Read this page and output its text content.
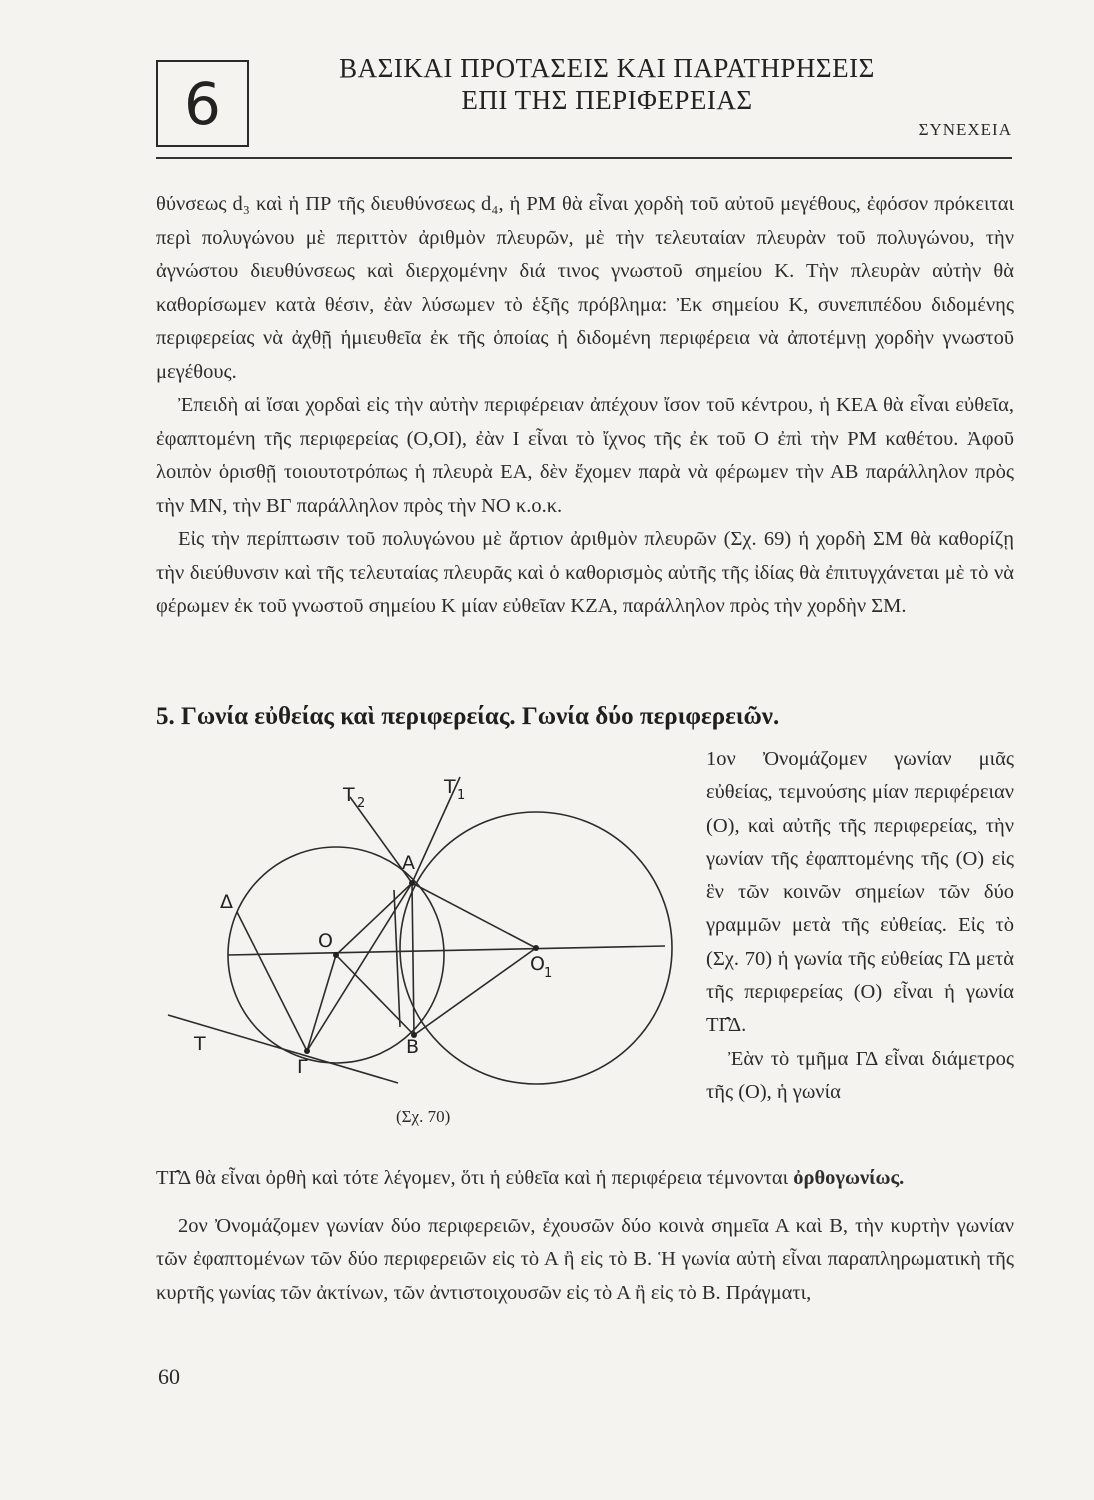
6
ΒΑΣΙΚΑΙ ΠΡΟΤΑΣΕΙΣ ΚΑΙ ΠΑΡΑΤΗΡΗΣΕΙΣ
ΕΠΙ ΤΗΣ ΠΕΡΙΦΕΡΕΙΑΣ
ΣΥΝΕΧΕΙΑ

θύνσεως d₃ καὶ ἡ ΠΡ τῆς διευθύνσεως d₄, ἡ ΡΜ θὰ εἶναι χορδὴ τοῦ αὐτοῦ μεγέθους, ἐφόσον πρόκειται περὶ πολυγώνου μὲ περιττὸν ἀριθμὸν πλευρῶν, μὲ τὴν τελευταίαν πλευρὰν τοῦ πολυγώνου, τὴν ἀγνώστου διευθύνσεως καὶ διερχομένην διά τινος γνωστοῦ σημείου Κ. Τὴν πλευρὰν αὐτὴν θὰ καθορίσωμεν κατὰ θέσιν, ἐὰν λύσωμεν τὸ ἑξῆς πρόβλημα: Ἐκ σημείου Κ, συνεπιπέδου διδομένης περιφερείας νὰ ἀχθῇ ἡμιευθεῖα ἐκ τῆς ὁποίας ἡ διδομένη περιφέρεια νὰ ἀποτέμνῃ χορδὴν γνωστοῦ μεγέθους.

Ἐπειδὴ αἱ ἴσαι χορδαὶ εἰς τὴν αὐτὴν περιφέρειαν ἀπέχουν ἴσον τοῦ κέντρου, ἡ ΚΕΑ θὰ εἶναι εὐθεῖα, ἐφαπτομένη τῆς περιφερείας (Ο,ΟΙ), ἐὰν Ι εἶναι τὸ ἴχνος τῆς ἐκ τοῦ Ο ἐπὶ τὴν ΡΜ καθέτου. Ἀφοῦ λοιπὸν ὁρισθῇ τοιουτοτρόπως ἡ πλευρὰ ΕΑ, δὲν ἔχομεν παρὰ νὰ φέρωμεν τὴν ΑΒ παράλληλον πρὸς τὴν ΜΝ, τὴν ΒΓ παράλληλον πρὸς τὴν ΝΟ κ.ο.κ.

Εἰς τὴν περίπτωσιν τοῦ πολυγώνου μὲ ἄρτιον ἀριθμὸν πλευρῶν (Σχ. 69) ἡ χορδὴ ΣΜ θὰ καθορίζῃ τὴν διεύθυνσιν καὶ τῆς τελευταίας πλευρᾶς καὶ ὁ καθορισμὸς αὐτῆς τῆς ἰδίας θὰ ἐπιτυγχάνεται μὲ τὸ νὰ φέρωμεν ἐκ τοῦ γνωστοῦ σημείου Κ μίαν εὐθεῖαν ΚΖΑ, παράλληλον πρὸς τὴν χορδὴν ΣΜ.

5. Γωνία εὐθείας καὶ περιφερείας. Γωνία δύο περιφερειῶν.
T 2
T 1
A
Δ
O
O 1
T	B
Γ

1ον Ὀνομάζομεν γωνίαν μιᾶς εὐθείας, τεμνούσης μίαν περιφέρειαν (Ο), καὶ αὐτῆς τῆς περιφερείας, τὴν γωνίαν τῆς ἐφαπτομένης τῆς (Ο) εἰς ἓν τῶν κοινῶν σημείων τῶν δύο γραμμῶν μετὰ τῆς εὐθείας. Εἰς τὸ (Σχ. 70) ἡ γωνία τῆς εὐθείας ΓΔ μετὰ τῆς περιφερείας (Ο) εἶναι ἡ γωνία ΤΓ̂Δ.

Ἐὰν τὸ τμῆμα ΓΔ εἶναι διάμετρος τῆς (Ο), ἡ γωνία

(Σχ. 70)

ΤΓ̂Δ θὰ εἶναι ὀρθὴ καὶ τότε λέγομεν, ὅτι ἡ εὐθεῖα καὶ ἡ περιφέρεια τέμνονται ὀρθογωνίως.

2ον Ὀνομάζομεν γωνίαν δύο περιφερειῶν, ἐχουσῶν δύο κοινὰ σημεῖα Α καὶ Β, τὴν κυρτὴν γωνίαν τῶν ἐφαπτομένων τῶν δύο περιφερειῶν εἰς τὸ Α ἢ εἰς τὸ Β. Ἡ γωνία αὐτὴ εἶναι παραπληρωματικὴ τῆς κυρτῆς γωνίας τῶν ἀκτίνων, τῶν ἀντιστοιχουσῶν εἰς τὸ Α ἢ εἰς τὸ Β. Πράγματι,

60
